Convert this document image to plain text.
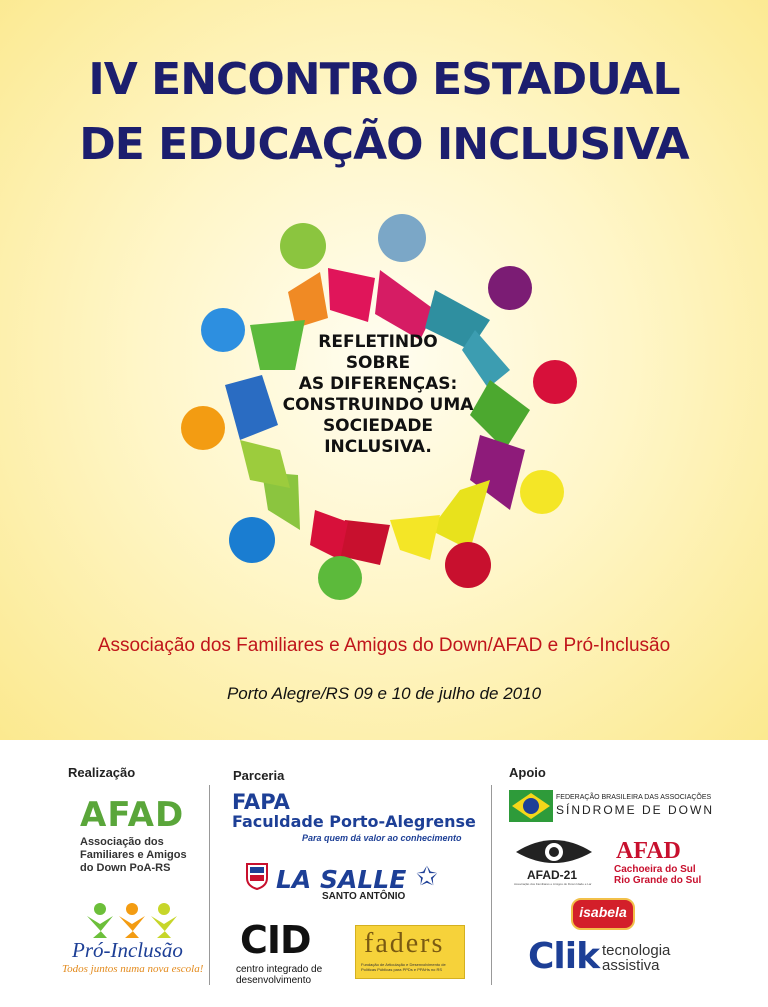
IV ENCONTRO ESTADUAL
DE EDUCAÇÃO INCLUSIVA
REFLETINDO
SOBRE
AS DIFERENÇAS:
CONSTRUINDO UMA
SOCIEDADE
INCLUSIVA.
Associação dos Familiares e Amigos do Down/AFAD e Pró-Inclusão
Porto Alegre/RS 09 e 10 de julho de 2010
Realização
AFAD
Associação dos
Familiares e Amigos
do Down PoA-RS
Pró-Inclusão
Todos juntos numa nova escola!
Parceria
FAPA
Faculdade Porto-Alegrense
Para quem dá valor ao conhecimento
LA SALLE ✩
SANTO ANTÔNIO
CID
centro integrado de
desenvolvimento
faders
Fundação de Articulação e Desenvolvimento de Políticas Públicas para PPDs e PPAHs no RS
Apoio
FEDERAÇÃO BRASILEIRA DAS ASSOCIAÇÕES
SÍNDROME DE DOWN
AFAD-21
Associação dos Familiares e Amigos do Down Idade e Lar
AFAD
Cachoeira do Sul
Rio Grande do Sul
isabela
Clik tecnologia
assistiva
